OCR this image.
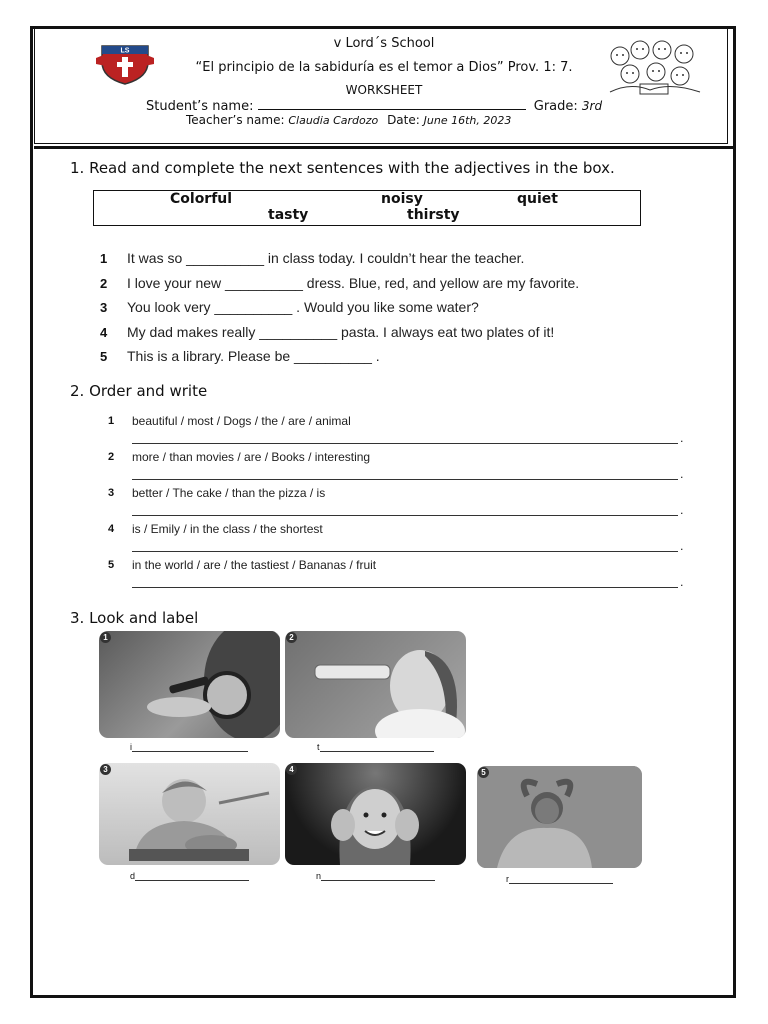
LS	v Lord´s School
“El principio de la sabiduría es el temor a Dios” Prov. 1: 7.
WORKSHEET
Student’s name:	Grade: 3rd
Teacher’s name: Claudia Cardozo Date: June 16th, 2023
1. Read and complete the next sentences with the adjectives in the box.
Colorful	noisy	quiet
tasty	thirsty
1 It was so __________ in class today. I couldn’t hear the teacher.
2 I love your new __________ dress. Blue, red, and yellow are my favorite.
3 You look very __________ . Would you like some water?
4 My dad makes really __________ pasta. I always eat two plates of it!
5 This is a library. Please be __________ .
2. Order and write
1 beautiful / most / Dogs / the / are / animal
.
2 more / than movies / are / Books / interesting
.
3 better / The cake / than the pizza / is
.
4 is / Emily / in the class / the shortest
.
5 in the world / are / the tastiest / Bananas / fruit
.
3. Look and label
1
i
2
t
3
d
4
n
5
r
